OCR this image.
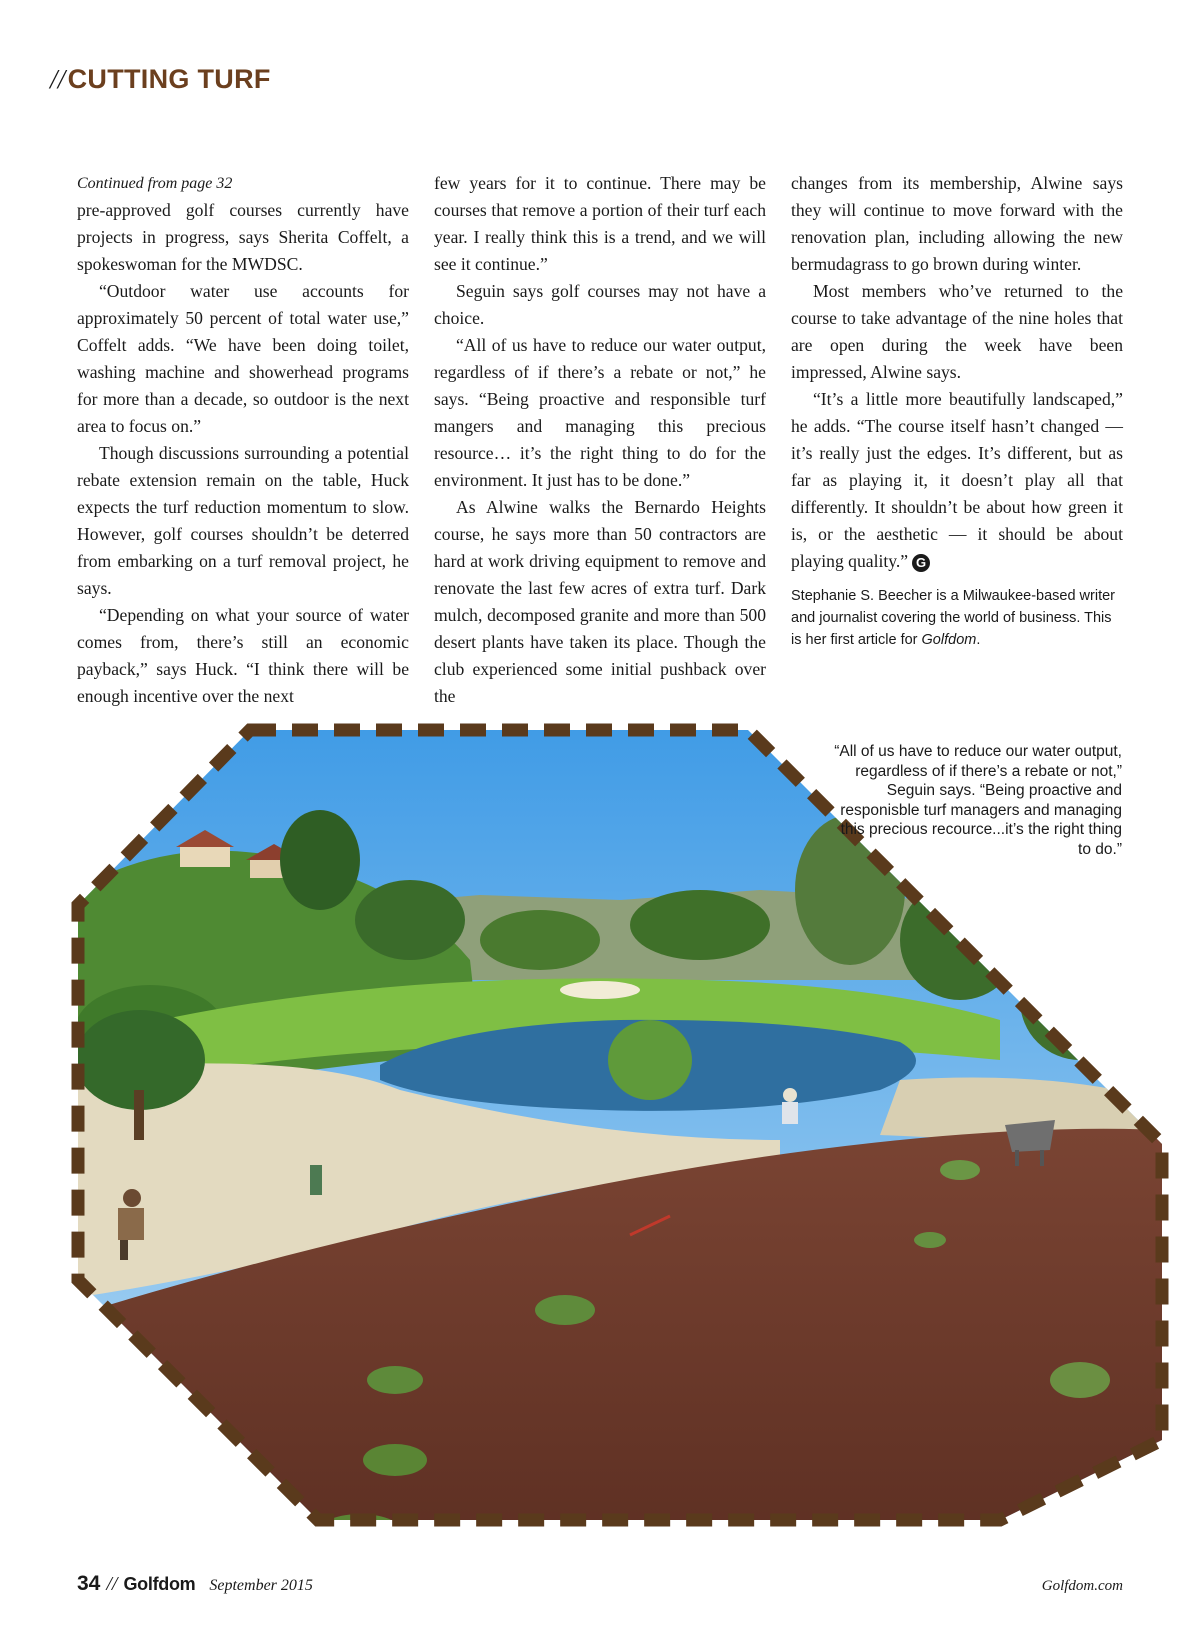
//CUTTING TURF

Continued from page 32

pre-approved golf courses currently have projects in progress, says Sherita Coffelt, a spokeswoman for the MWDSC.

“Outdoor water use accounts for approximately 50 percent of total water use,” Coffelt adds. “We have been doing toilet, washing machine and showerhead programs for more than a decade, so outdoor is the next area to focus on.”

Though discussions surrounding a potential rebate extension remain on the table, Huck expects the turf reduction momentum to slow. However, golf courses shouldn’t be deterred from embarking on a turf removal project, he says.

“Depending on what your source of water comes from, there’s still an economic payback,” says Huck. “I think there will be enough incentive over the next

few years for it to continue. There may be courses that remove a portion of their turf each year. I really think this is a trend, and we will see it continue.”

Seguin says golf courses may not have a choice.

“All of us have to reduce our water output, regardless of if there’s a rebate or not,” he says. “Being proactive and responsible turf mangers and managing this precious resource… it’s the right thing to do for the environment. It just has to be done.”

As Alwine walks the Bernardo Heights course, he says more than 50 contractors are hard at work driving equipment to remove and renovate the last few acres of extra turf. Dark mulch, decomposed granite and more than 500 desert plants have taken its place. Though the club experienced some initial pushback over the

changes from its membership, Alwine says they will continue to move forward with the renovation plan, including allowing the new bermudagrass to go brown during winter.

Most members who’ve returned to the course to take advantage of the nine holes that are open during the week have been impressed, Alwine says.

“It’s a little more beautifully landscaped,” he adds. “The course itself hasn’t changed — it’s really just the edges. It’s different, but as far as playing it, it doesn’t play all that differently. It shouldn’t be about how green it is, or the aesthetic — it should be about playing quality.” G

Stephanie S. Beecher is a Milwaukee-based writer and journalist covering the world of business. This is her first article for Golfdom.

“All of us have to reduce our water output, regardless of if there’s a rebate or not,” Seguin says. “Being proactive and responisble turf managers and managing this precious recource...it’s the right thing to do.”
34 // Golfdom September 2015	Golfdom.com
